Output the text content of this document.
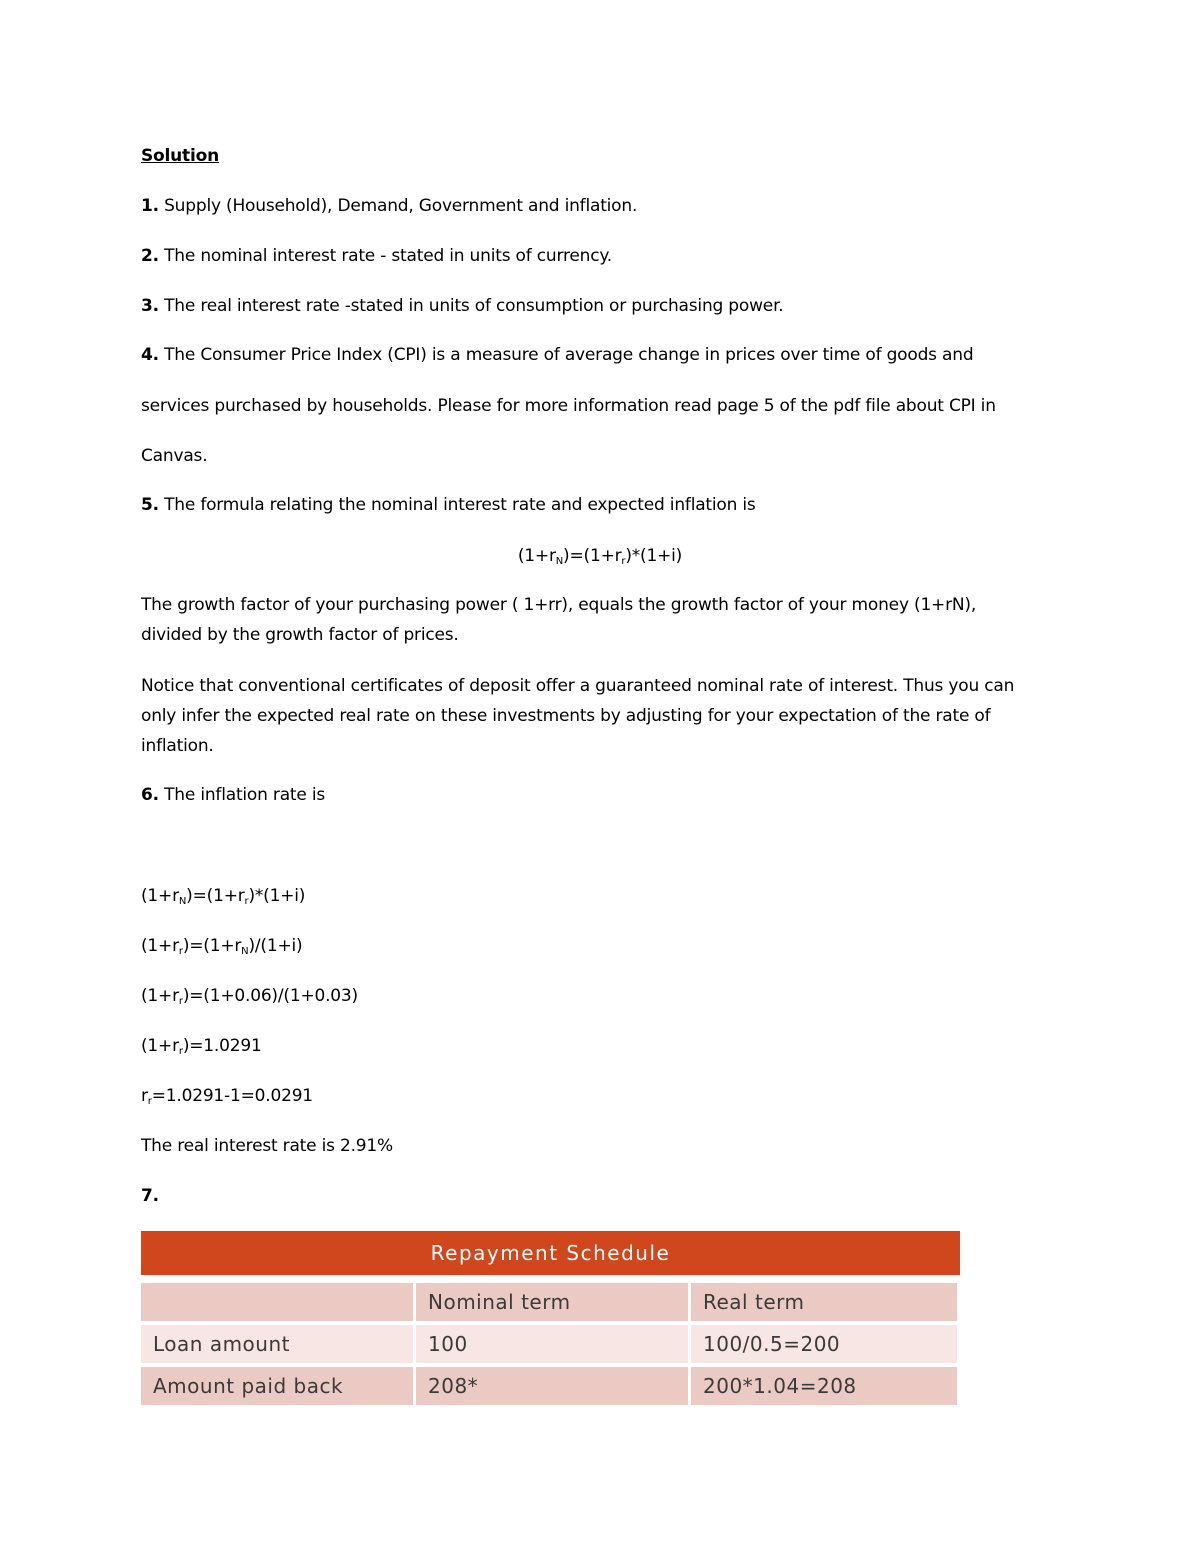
Solution
1. Supply (Household), Demand, Government and inflation.
2. The nominal interest rate - stated in units of currency.
3. The real interest rate -stated in units of consumption or purchasing power.
4. The Consumer Price Index (CPI) is a measure of average change in prices over time of goods and
services purchased by households. Please for more information read page 5 of the pdf file about CPI in
Canvas.
5. The formula relating the nominal interest rate and expected inflation is
$(1+r_N)=(1+r_r)*(1+i)$
The growth factor of your purchasing power ( 1+rr), equals the growth factor of your money (1+rN),
divided by the growth factor of prices.
Notice that conventional certificates of deposit offer a guaranteed nominal rate of interest. Thus you can
only infer the expected real rate on these investments by adjusting for your expectation of the rate of
inflation.
6. The inflation rate is
$(1+r_N)=(1+r_r)*(1+i)$
$(1+r_r)=(1+r_N)/(1+i)$
$(1+r_r)=(1+0.06)/(1+0.03)$
$(1+r_r)=1.0291$
$r_r=1.0291-1=0.0291$
The real interest rate is 2.91%
7.
Repayment Schedule		
	Nominal term	Real term
Loan amount	100	100/0.5=200
Amount paid back	208*	200*1.04=208
